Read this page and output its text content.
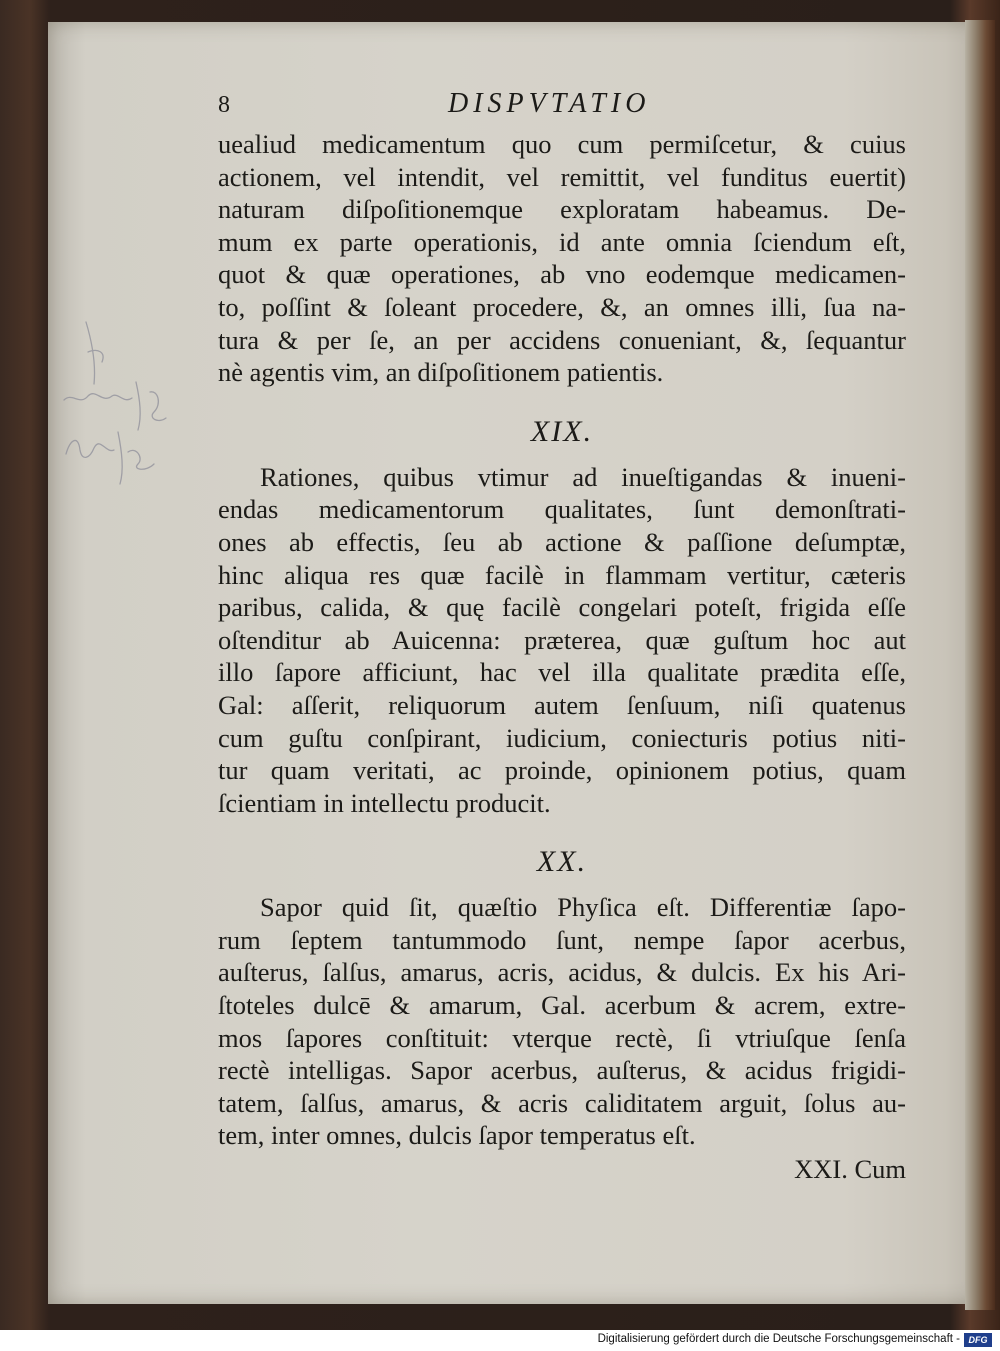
8	DISPVTATIO
uealiud medicamentum quo cum permiſcetur, & cuius
actionem, vel intendit, vel remittit, vel funditus euertit)
naturam diſpoſitionemque exploratam habeamus. De-
mum ex parte operationis, id ante omnia ſciendum eſt,
quot & quæ operationes, ab vno eodemque medicamen-
to, poſſint & ſoleant procedere, &, an omnes illi, ſua na-
tura & per ſe, an per accidens conueniant, &, ſequantur
nè agentis vim, an diſpoſitionem patientis.
XIX.
Rationes, quibus vtimur ad inueſtigandas & inueni-
endas medicamentorum qualitates, ſunt demonſtrati-
ones ab effectis, ſeu ab actione & paſſione deſumptæ,
hinc aliqua res quæ facilè in flammam vertitur, cæteris
paribus, calida, & quę facilè congelari poteſt, frigida eſſe
oſtenditur ab Auicenna: præterea, quæ guſtum hoc aut
illo ſapore afficiunt, hac vel illa qualitate prædita eſſe,
Gal: aſſerit, reliquorum autem ſenſuum, niſi quatenus
cum guſtu conſpirant, iudicium, coniecturis potius niti-
tur quam veritati, ac proinde, opinionem potius, quam
ſcientiam in intellectu producit.
XX.
Sapor quid ſit, quæſtio Phyſica eſt. Differentiæ ſapo-
rum ſeptem tantummodo ſunt, nempe ſapor acerbus,
auſterus, ſalſus, amarus, acris, acidus, & dulcis. Ex his Ari-
ſtoteles dulcē & amarum, Gal. acerbum & acrem, extre-
mos ſapores conſtituit: vterque rectè, ſi vtriuſque ſenſa
rectè intelligas. Sapor acerbus, auſterus, & acidus frigidi-
tatem, ſalſus, amarus, & acris caliditatem arguit, ſolus au-
tem, inter omnes, dulcis ſapor temperatus eſt.
XXI. Cum
Digitalisierung gefördert durch die Deutsche Forschungsgemeinschaft - DFG
